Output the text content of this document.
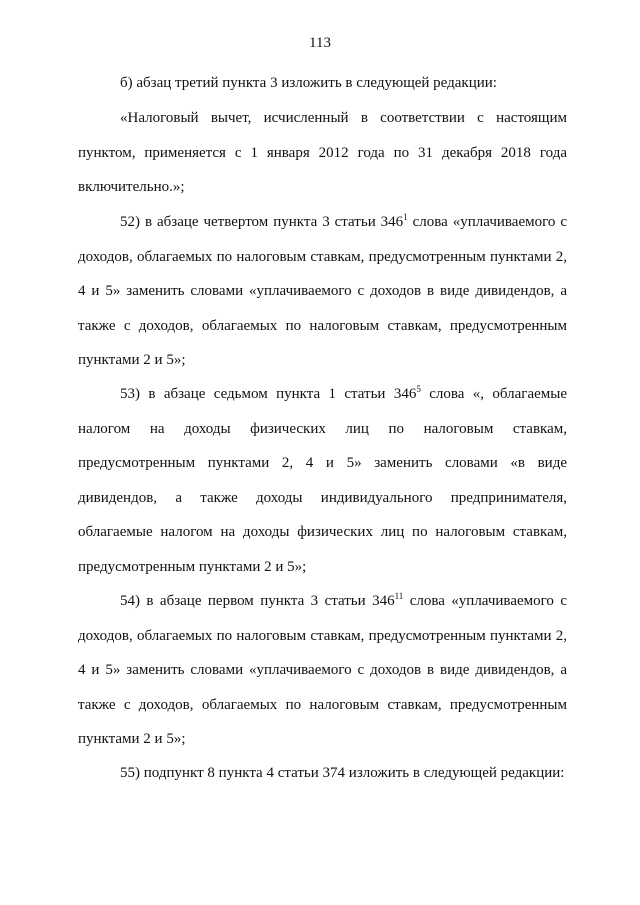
113

б) абзац третий пункта 3 изложить в следующей редакции:

«Налоговый вычет, исчисленный в соответствии с настоящим пунктом, применяется с 1 января 2012 года по 31 декабря 2018 года включительно.»;

52) в абзаце четвертом пункта 3 статьи $346^1$ слова «уплачиваемого с доходов, облагаемых по налоговым ставкам, предусмотренным пунктами 2, 4 и 5» заменить словами «уплачиваемого с доходов в виде дивидендов, а также с доходов, облагаемых по налоговым ставкам, предусмотренным пунктами 2 и 5»;

53) в абзаце седьмом пункта 1 статьи $346^5$ слова «, облагаемые налогом на доходы физических лиц по налоговым ставкам, предусмотренным пунктами 2, 4 и 5» заменить словами «в виде дивидендов, а также доходы индивидуального предпринимателя, облагаемые налогом на доходы физических лиц по налоговым ставкам, предусмотренным пунктами 2 и 5»;

54) в абзаце первом пункта 3 статьи $346^{11}$ слова «уплачиваемого с доходов, облагаемых по налоговым ставкам, предусмотренным пунктами 2, 4 и 5» заменить словами «уплачиваемого с доходов в виде дивидендов, а также с доходов, облагаемых по налоговым ставкам, предусмотренным пунктами 2 и 5»;

55) подпункт 8 пункта 4 статьи 374 изложить в следующей редакции:
